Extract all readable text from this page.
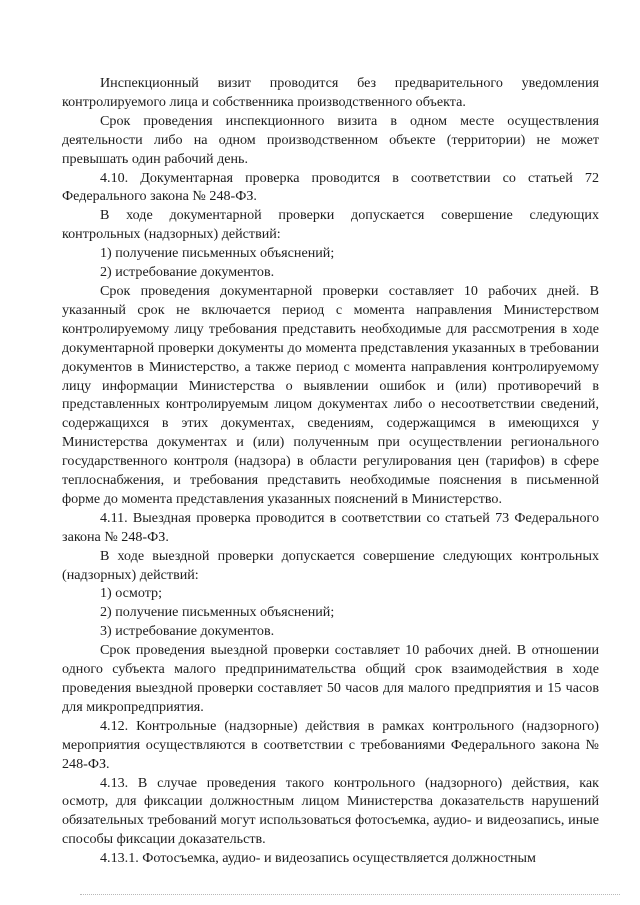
Инспекционный визит проводится без предварительного уведомления контролируемого лица и собственника производственного объекта.

Срок проведения инспекционного визита в одном месте осуществления деятельности либо на одном производственном объекте (территории) не может превышать один рабочий день.

4.10. Документарная проверка проводится в соответствии со статьей 72 Федерального закона № 248-ФЗ.

В ходе документарной проверки допускается совершение следующих контрольных (надзорных) действий:

1) получение письменных объяснений;

2) истребование документов.

Срок проведения документарной проверки составляет 10 рабочих дней. В указанный срок не включается период с момента направления Министерством контролируемому лицу требования представить необходимые для рассмотрения в ходе документарной проверки документы до момента представления указанных в требовании документов в Министерство, а также период с момента направления контролируемому лицу информации Министерства о выявлении ошибок и (или) противоречий в представленных контролируемым лицом документах либо о несоответствии сведений, содержащихся в этих документах, сведениям, содержащимся в имеющихся у Министерства документах и (или) полученным при осуществлении регионального государственного контроля (надзора) в области регулирования цен (тарифов) в сфере теплоснабжения, и требования представить необходимые пояснения в письменной форме до момента представления указанных пояснений в Министерство.

4.11. Выездная проверка проводится в соответствии со статьей 73 Федерального закона № 248-ФЗ.

В ходе выездной проверки допускается совершение следующих контрольных (надзорных) действий:

1) осмотр;

2) получение письменных объяснений;

3) истребование документов.

Срок проведения выездной проверки составляет 10 рабочих дней. В отношении одного субъекта малого предпринимательства общий срок взаимодействия в ходе проведения выездной проверки составляет 50 часов для малого предприятия и 15 часов для микропредприятия.

4.12. Контрольные (надзорные) действия в рамках контрольного (надзорного) мероприятия осуществляются в соответствии с требованиями Федерального закона № 248-ФЗ.

4.13. В случае проведения такого контрольного (надзорного) действия, как осмотр, для фиксации должностным лицом Министерства доказательств нарушений обязательных требований могут использоваться фотосъемка, аудио- и видеозапись, иные способы фиксации доказательств.

4.13.1. Фотосъемка, аудио- и видеозапись осуществляется должностным
